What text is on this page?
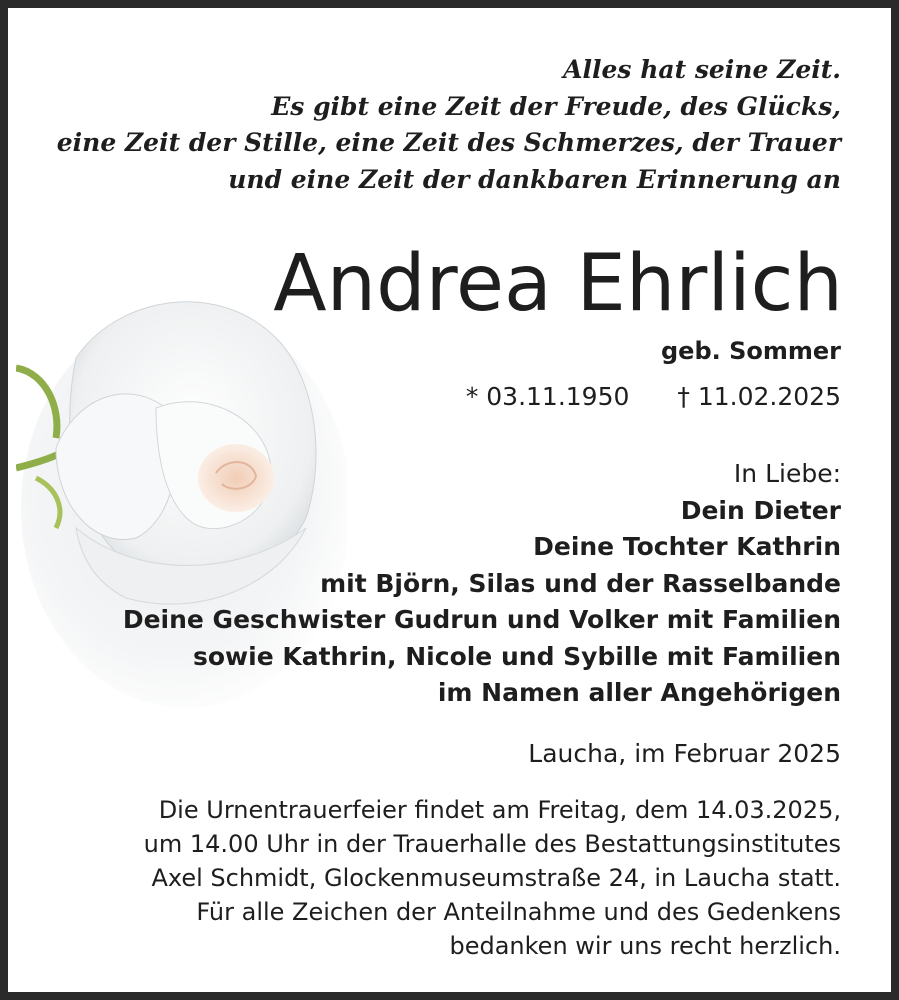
Alles hat seine Zeit.
Es gibt eine Zeit der Freude, des Glücks,
eine Zeit der Stille, eine Zeit des Schmerzes, der Trauer
und eine Zeit der dankbaren Erinnerung an
Andrea Ehrlich
geb. Sommer
* 03.11.1950 † 11.02.2025
In Liebe:
Dein Dieter
Deine Tochter Kathrin
mit Björn, Silas und der Rasselbande
Deine Geschwister Gudrun und Volker mit Familien
sowie Kathrin, Nicole und Sybille mit Familien
im Namen aller Angehörigen
Laucha, im Februar 2025
Die Urnentrauerfeier findet am Freitag, dem 14.03.2025,
um 14.00 Uhr in der Trauerhalle des Bestattungsinstitutes
Axel Schmidt, Glockenmuseumstraße 24, in Laucha statt.
Für alle Zeichen der Anteilnahme und des Gedenkens
bedanken wir uns recht herzlich.
